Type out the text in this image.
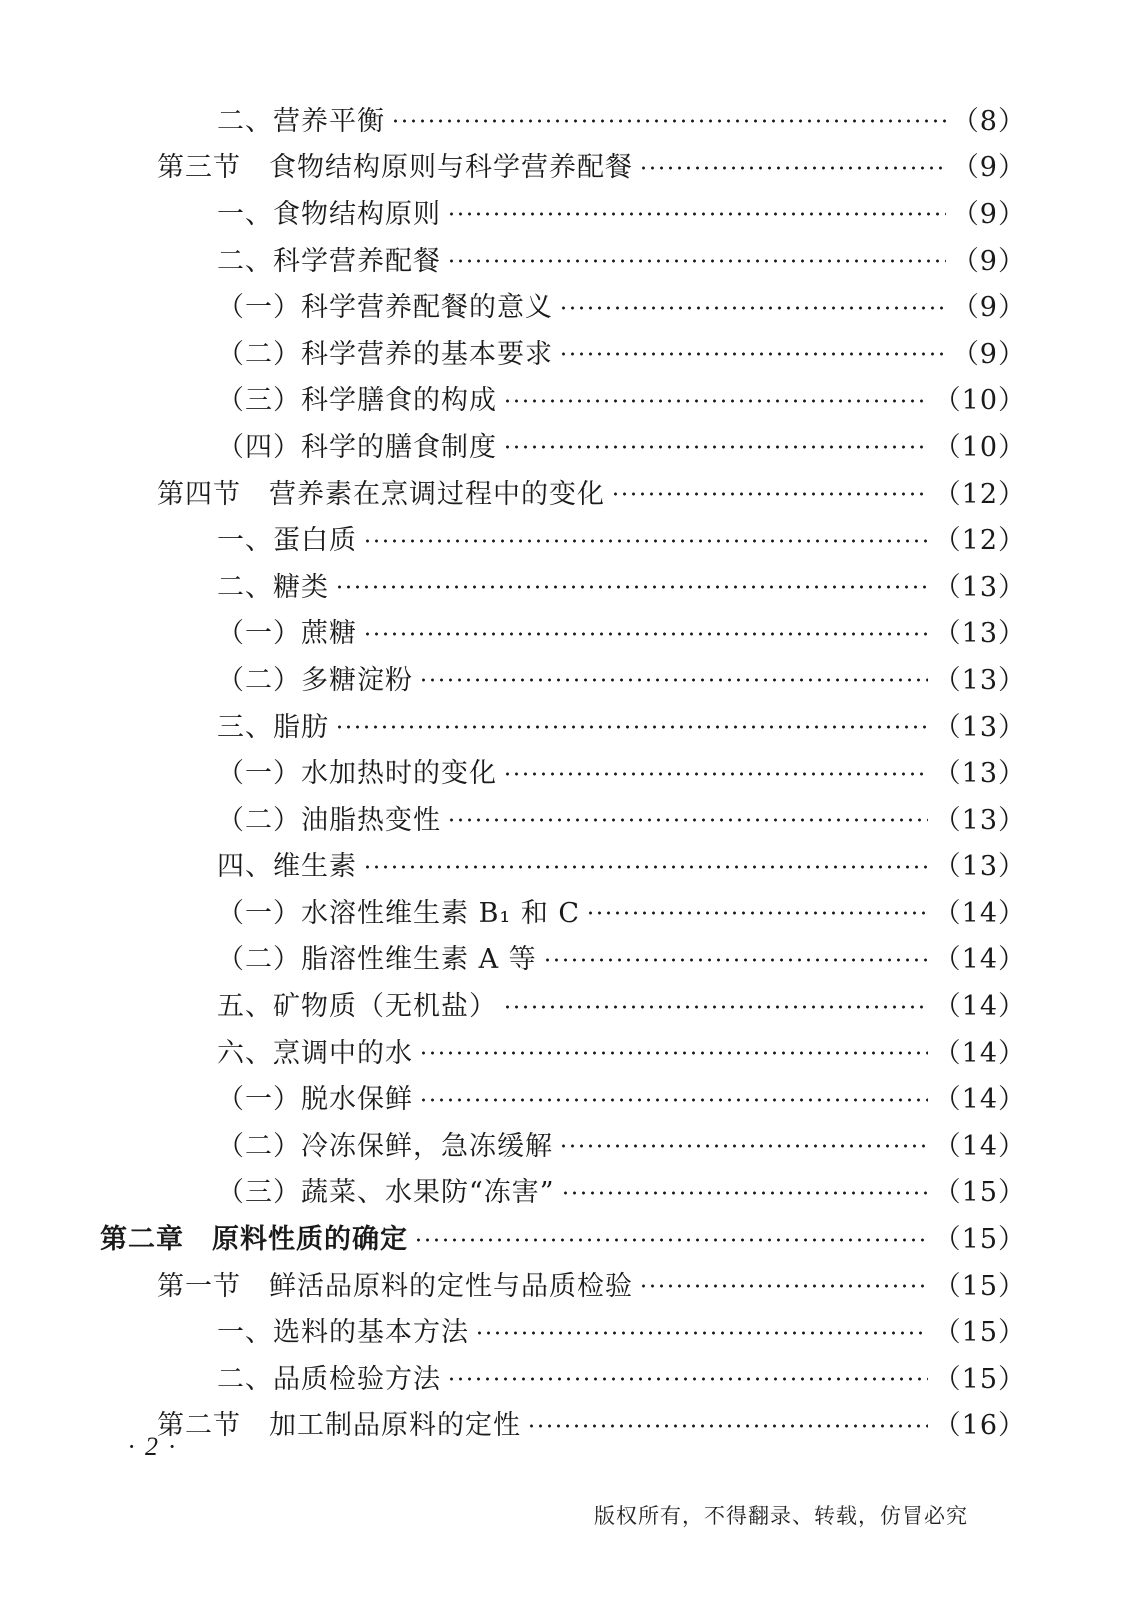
二、营养平衡	（8）
第三节　食物结构原则与科学营养配餐	（9）
一、食物结构原则	（9）
二、科学营养配餐	（9）
（一）科学营养配餐的意义	（9）
（二）科学营养的基本要求	（9）
（三）科学膳食的构成	（10）
（四）科学的膳食制度	（10）
第四节　营养素在烹调过程中的变化	（12）
一、蛋白质	（12）
二、糖类	（13）
（一）蔗糖	（13）
（二）多糖淀粉	（13）
三、脂肪	（13）
（一）水加热时的变化	（13）
（二）油脂热变性	（13）
四、维生素	（13）
（一）水溶性维生素 B₁ 和 C	（14）
（二）脂溶性维生素 A 等	（14）
五、矿物质（无机盐）	（14）
六、烹调中的水	（14）
（一）脱水保鲜	（14）
（二）冷冻保鲜，急冻缓解	（14）
（三）蔬菜、水果防“冻害”	（15）
第二章　原料性质的确定	（15）
第一节　鲜活品原料的定性与品质检验	（15）
一、选料的基本方法	（15）
二、品质检验方法	（15）
第二节　加工制品原料的定性	（16）
· 2 ·
版权所有，不得翻录、转载，仿冒必究
